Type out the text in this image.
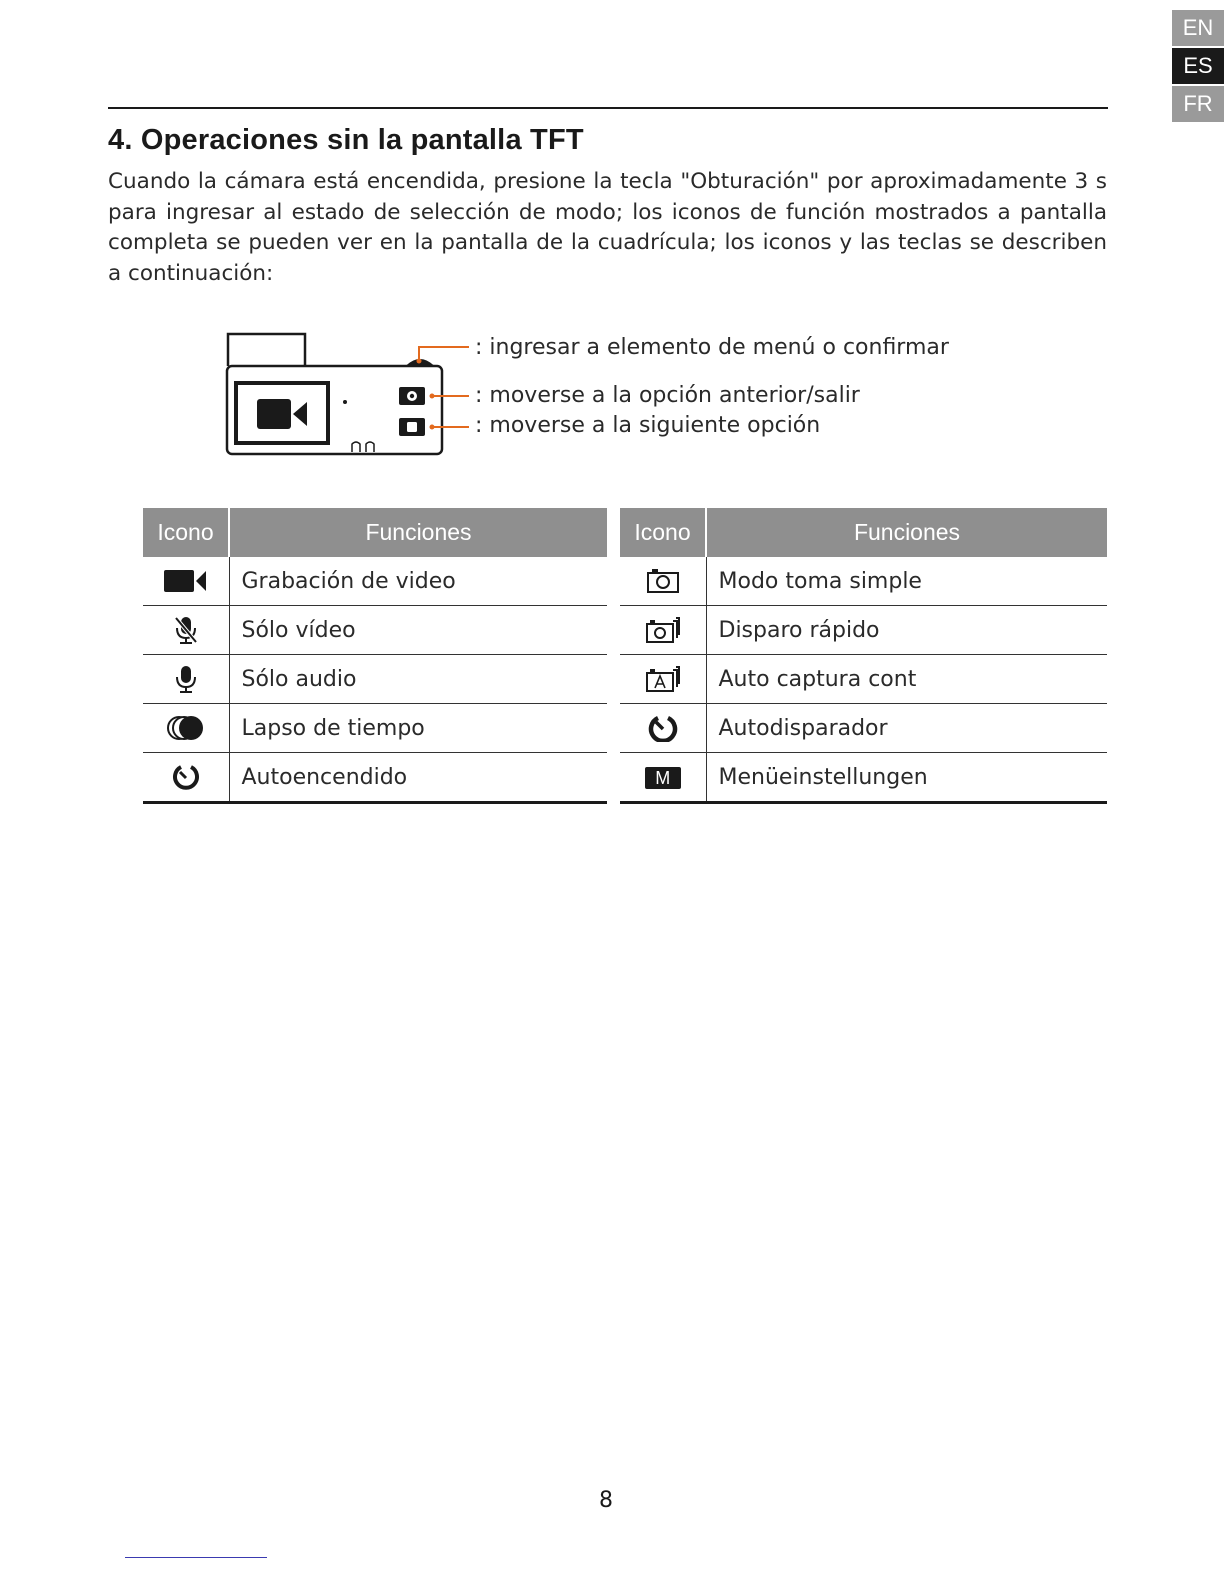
EN
ES
FR
4. Operaciones sin la pantalla TFT

Cuando la cámara está encendida, presione la tecla "Obturación" por aproximadamente 3 s para ingresar al estado de selección de modo; los iconos de función mostrados a pantalla completa se pueden ver en la pantalla de la cuadrícula; los iconos y las teclas se describen a continuación:

: ingresar a elemento de menú o confirmar
: moverse a la opción anterior/salir
: moverse a la siguiente opción
Icono	Funciones
	Grabación de video
	Sólo vídeo
	Sólo audio
	Lapso de tiempo
	Autoencendido
Icono	Funciones
	Modo toma simple
	Disparo rápido
	Auto captura cont
	Autodisparador
M	Menüeinstellungen
8
